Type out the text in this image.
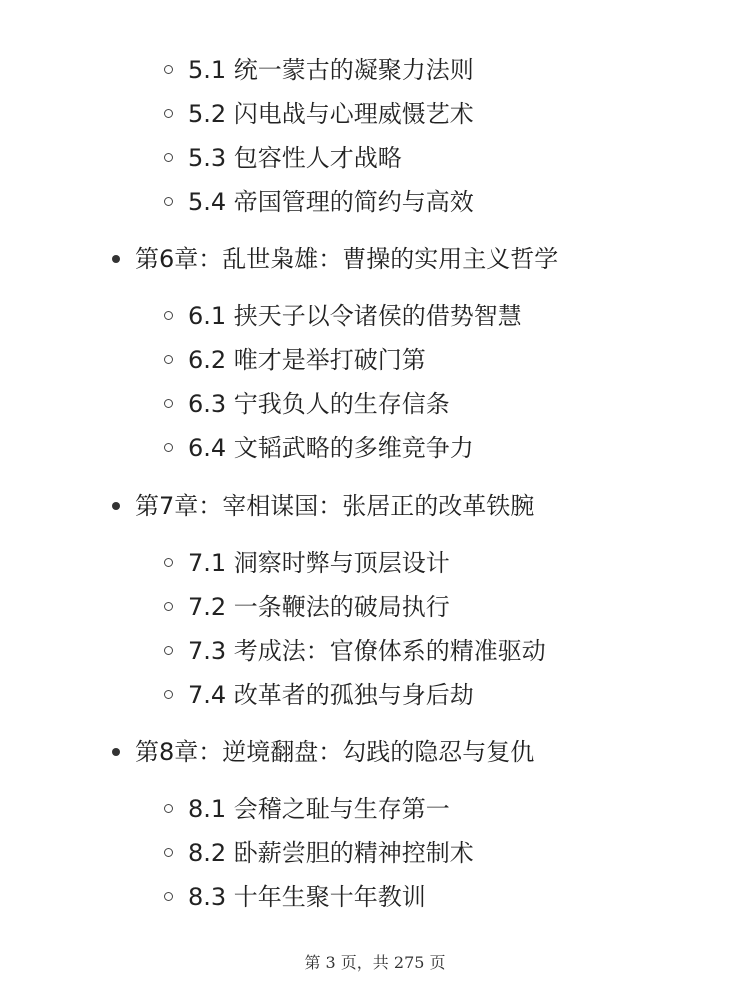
5.1 统一蒙古的凝聚力法则
5.2 闪电战与心理威慑艺术
5.3 包容性人才战略
5.4 帝国管理的简约与高效
第6章：乱世枭雄：曹操的实用主义哲学
6.1 挟天子以令诸侯的借势智慧
6.2 唯才是举打破门第
6.3 宁我负人的生存信条
6.4 文韬武略的多维竞争力
第7章：宰相谋国：张居正的改革铁腕
7.1 洞察时弊与顶层设计
7.2 一条鞭法的破局执行
7.3 考成法：官僚体系的精准驱动
7.4 改革者的孤独与身后劫
第8章：逆境翻盘：勾践的隐忍与复仇
8.1 会稽之耻与生存第一
8.2 卧薪尝胆的精神控制术
8.3 十年生聚十年教训
第 3 页，共 275 页
